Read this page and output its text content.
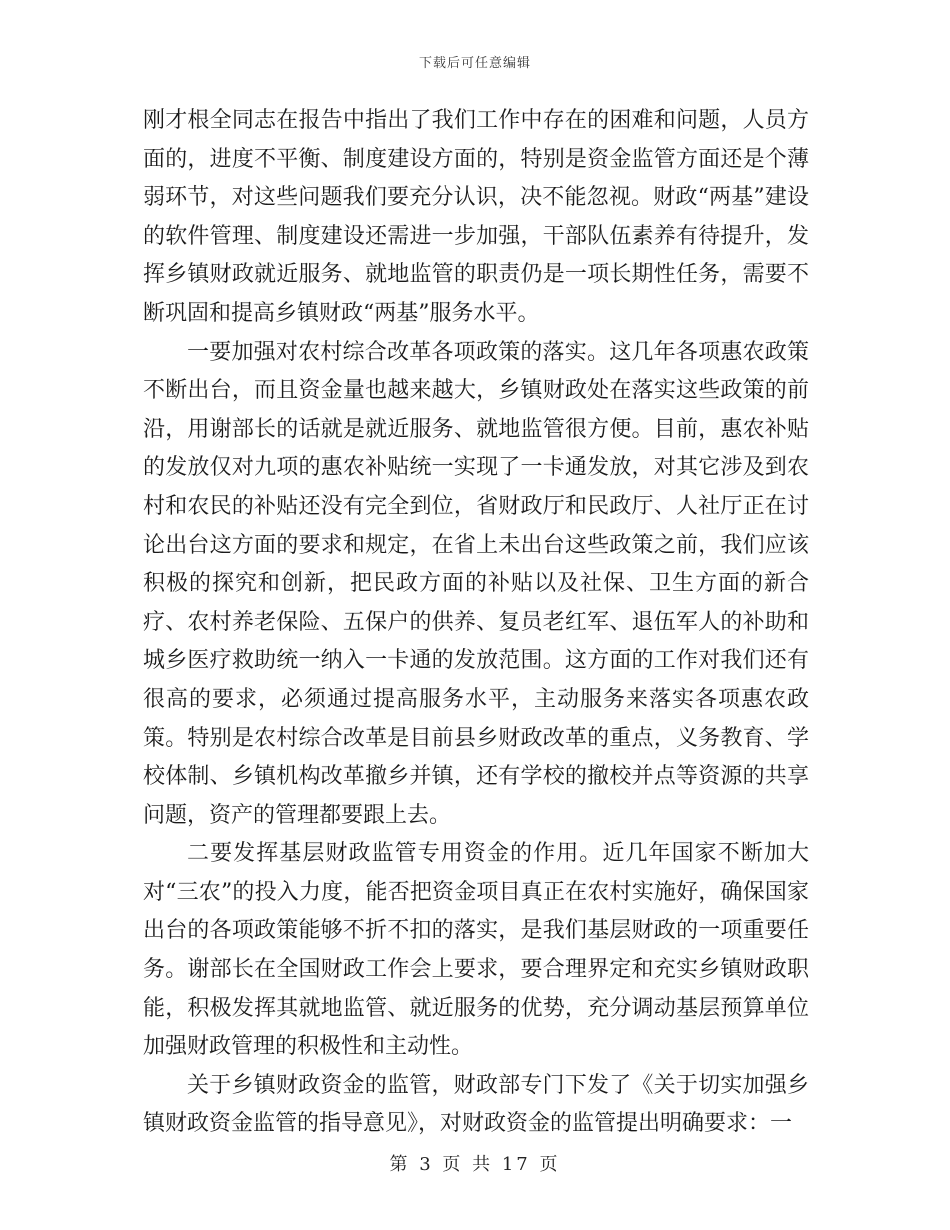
下载后可任意编辑

刚才根全同志在报告中指出了我们工作中存在的困难和问题，人员方面的，进度不平衡、制度建设方面的，特别是资金监管方面还是个薄弱环节，对这些问题我们要充分认识，决不能忽视。财政“两基”建设的软件管理、制度建设还需进一步加强，干部队伍素养有待提升，发挥乡镇财政就近服务、就地监管的职责仍是一项长期性任务，需要不断巩固和提高乡镇财政“两基”服务水平。

一要加强对农村综合改革各项政策的落实。这几年各项惠农政策不断出台，而且资金量也越来越大，乡镇财政处在落实这些政策的前沿，用谢部长的话就是就近服务、就地监管很方便。目前，惠农补贴的发放仅对九项的惠农补贴统一实现了一卡通发放，对其它涉及到农村和农民的补贴还没有完全到位，省财政厅和民政厅、人社厅正在讨论出台这方面的要求和规定，在省上未出台这些政策之前，我们应该积极的探究和创新，把民政方面的补贴以及社保、卫生方面的新合疗、农村养老保险、五保户的供养、复员老红军、退伍军人的补助和城乡医疗救助统一纳入一卡通的发放范围。这方面的工作对我们还有很高的要求，必须通过提高服务水平，主动服务来落实各项惠农政策。特别是农村综合改革是目前县乡财政改革的重点，义务教育、学校体制、乡镇机构改革撤乡并镇，还有学校的撤校并点等资源的共享问题，资产的管理都要跟上去。

二要发挥基层财政监管专用资金的作用。近几年国家不断加大对“三农”的投入力度，能否把资金项目真正在农村实施好，确保国家出台的各项政策能够不折不扣的落实，是我们基层财政的一项重要任务。谢部长在全国财政工作会上要求，要合理界定和充实乡镇财政职能，积极发挥其就地监管、就近服务的优势，充分调动基层预算单位加强财政管理的积极性和主动性。

关于乡镇财政资金的监管，财政部专门下发了《关于切实加强乡镇财政资金监管的指导意见》，对财政资金的监管提出明确要求：一

第 3 页 共 17 页
